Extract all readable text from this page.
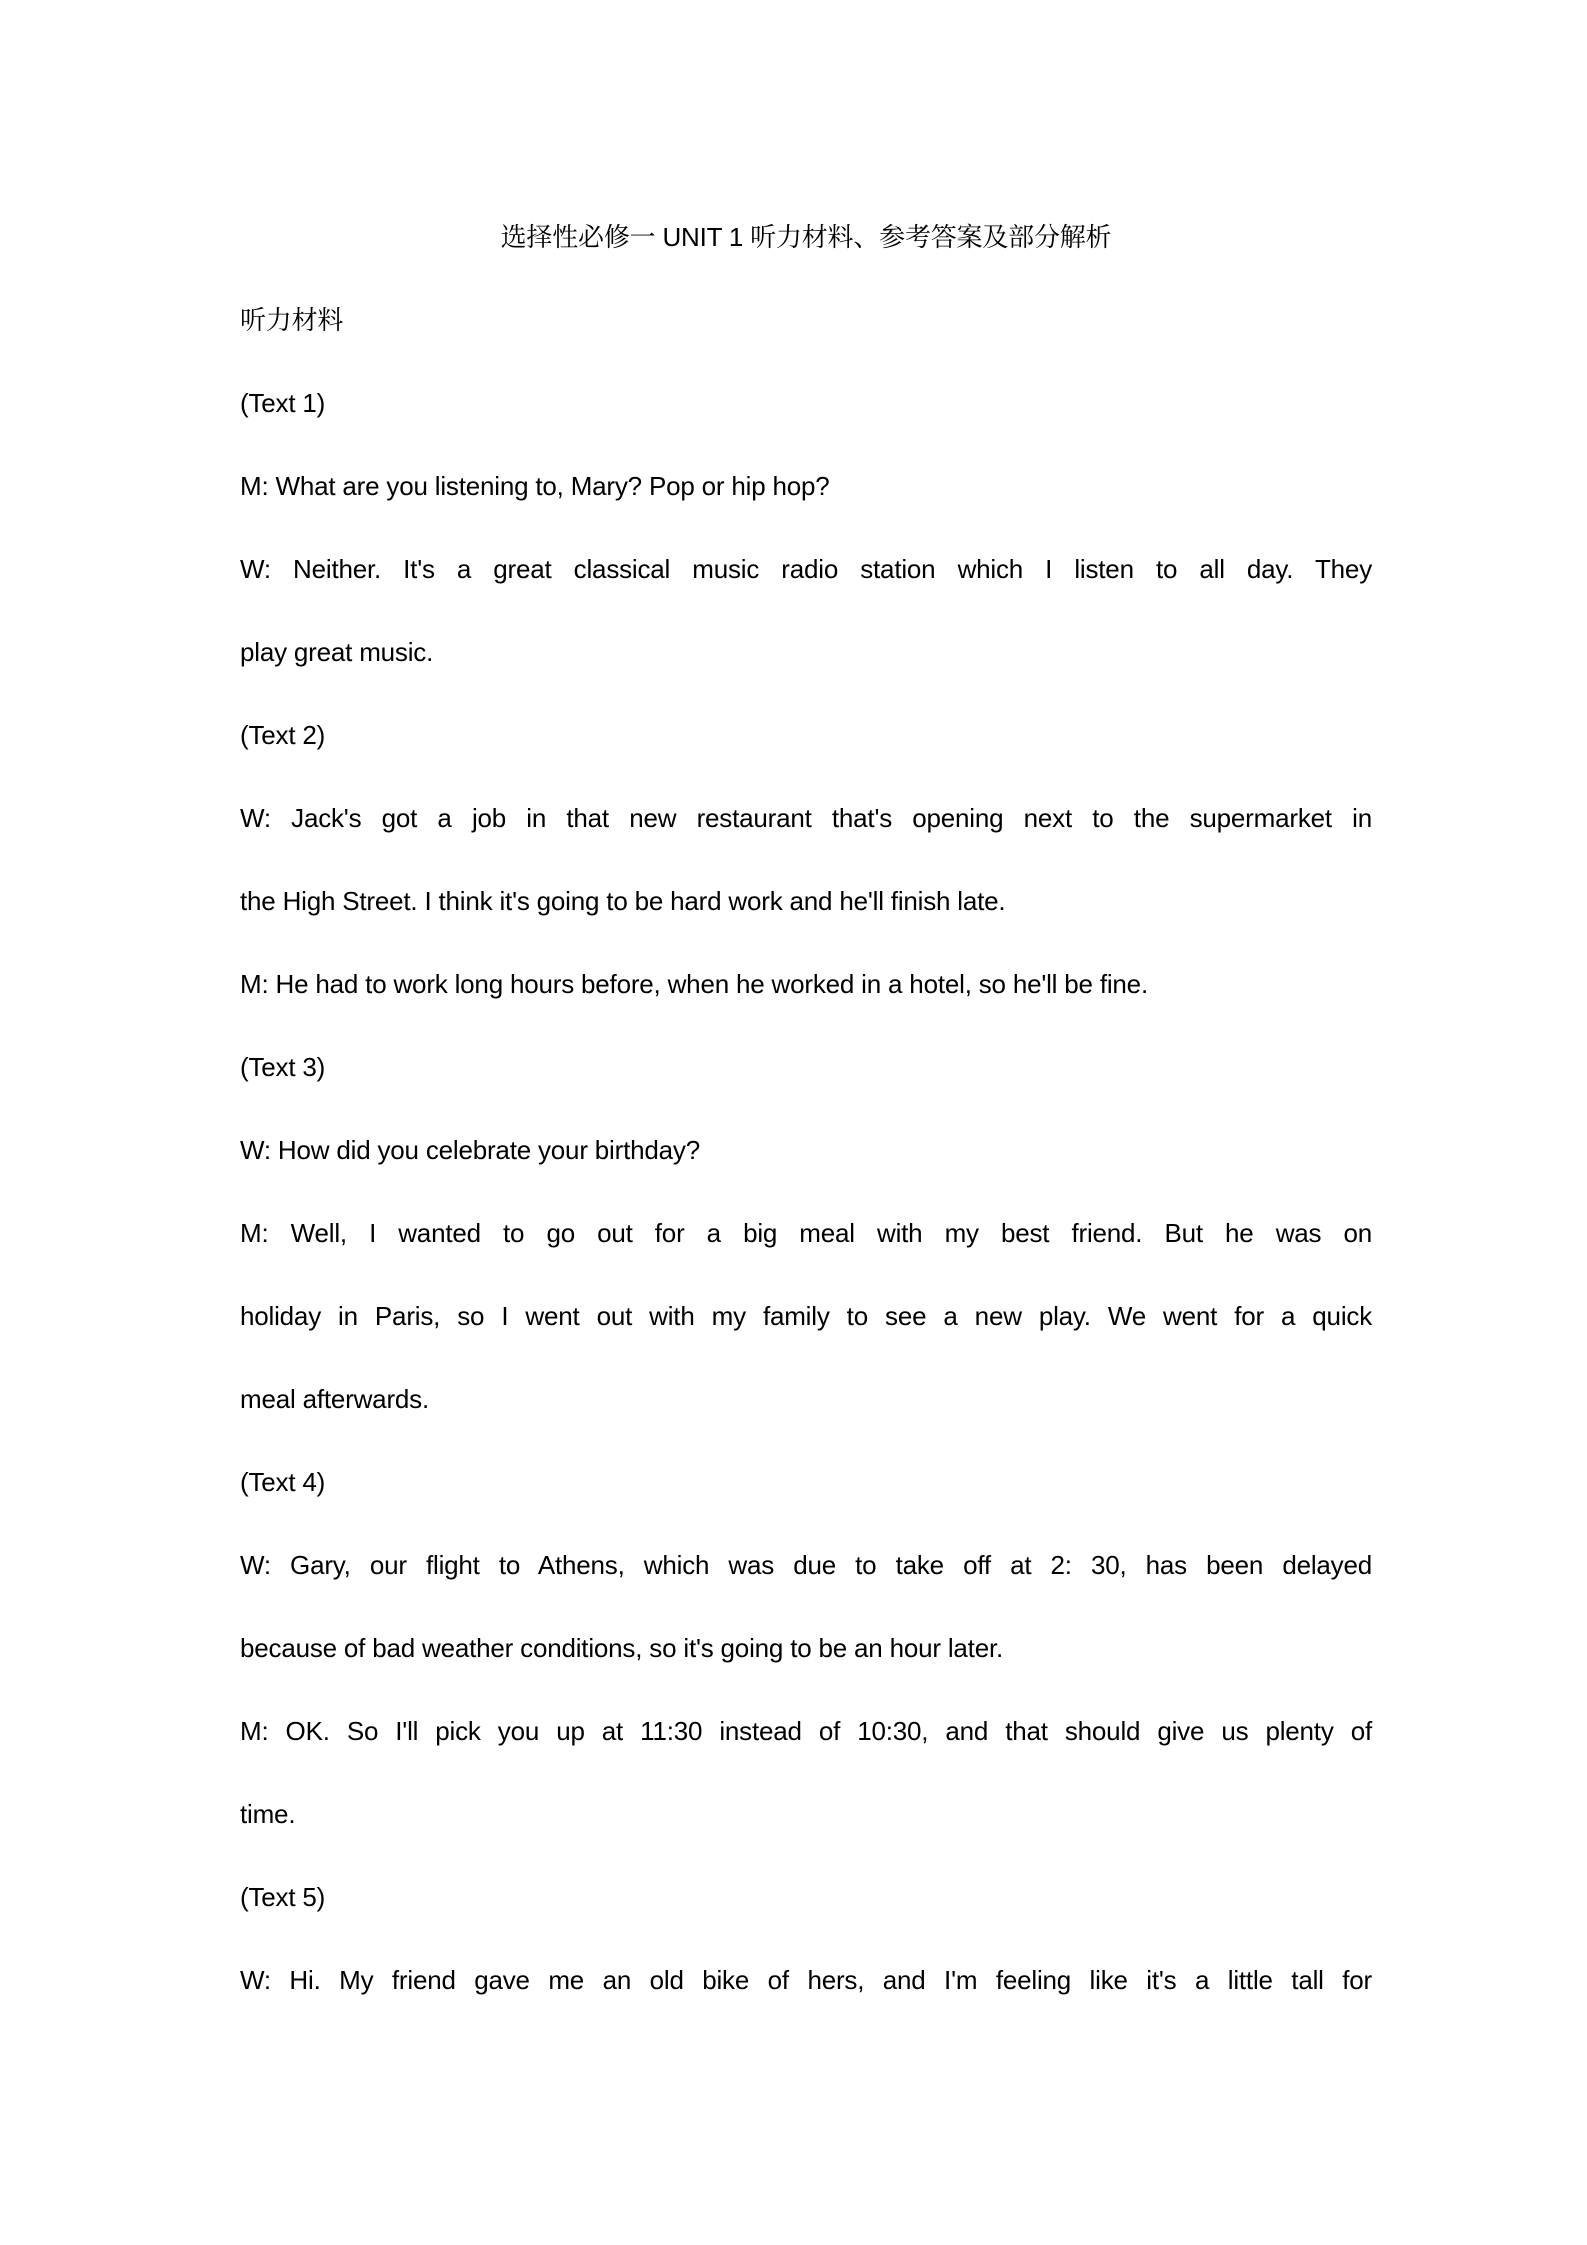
选择性必修一 UNIT 1 听力材料、参考答案及部分解析
听力材料
(Text 1)
M: What are you listening to, Mary? Pop or hip hop?
W: Neither. It's a great classical music radio station which I listen to all day. They
play great music.
(Text 2)
W: Jack's got a job in that new restaurant that's opening next to the supermarket in
the High Street. I think it's going to be hard work and he'll finish late.
M: He had to work long hours before, when he worked in a hotel, so he'll be fine.
(Text 3)
W: How did you celebrate your birthday?
M: Well, I wanted to go out for a big meal with my best friend. But he was on
holiday in Paris, so I went out with my family to see a new play. We went for a quick
meal afterwards.
(Text 4)
W: Gary, our flight to Athens, which was due to take off at 2: 30, has been delayed
because of bad weather conditions, so it's going to be an hour later.
M: OK. So I'll pick you up at 11:30 instead of 10:30, and that should give us plenty of
time.
(Text 5)
W: Hi. My friend gave me an old bike of hers, and I'm feeling like it's a little tall for
